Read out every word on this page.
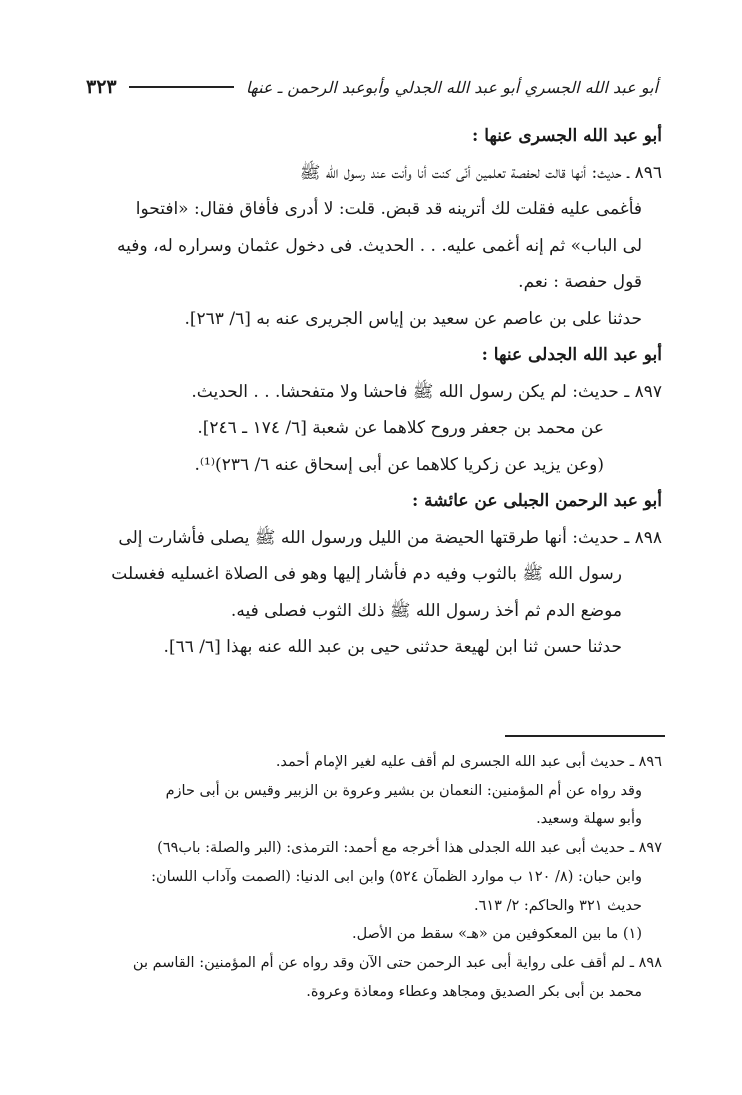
أبو عبد الله الجسري أبو عبد الله الجدلي وأبوعبد الرحمن ـ عنها
٣٢٣

أبو عبد الله الجسرى عنها :

٨٩٦ ـ حديث: أنها قالت لحفصة تعلمين أنّى كنت أنا وأنت عند رسول الله ﷺ

فأغمى عليه فقلت لك أترينه قد قبض. قلت: لا أدرى فأفاق فقال: «افتحوا

لى الباب» ثم إنه أغمى عليه. . . الحديث. فى دخول عثمان وسراره له، وفيه

قول حفصة : نعم.

حدثنا على بن عاصم عن سعيد بن إياس الجريرى عنه به [٦/ ٢٦٣].

أبو عبد الله الجدلى عنها :

٨٩٧ ـ حديث: لم يكن رسول الله ﷺ فاحشا ولا متفحشا. . . الحديث.

عن محمد بن جعفر وروح كلاهما عن شعبة [٦/ ١٧٤ ـ ٢٤٦].

(وعن يزيد عن زكريا كلاهما عن أبى إسحاق عنه ٦/ ٢٣٦)⁽¹⁾.

أبو عبد الرحمن الجبلى عن عائشة :

٨٩٨ ـ حديث: أنها طرقتها الحيضة من الليل ورسول الله ﷺ يصلى فأشارت إلى

رسول الله ﷺ بالثوب وفيه دم فأشار إليها وهو فى الصلاة اغسليه فغسلت

موضع الدم ثم أخذ رسول الله ﷺ ذلك الثوب فصلى فيه.

حدثنا حسن ثنا ابن لهيعة حدثنى حيى بن عبد الله عنه بهذا [٦/ ٦٦].

٨٩٦ ـ حديث أبى عبد الله الجسرى لم أقف عليه لغير الإمام أحمد.

وقد رواه عن أم المؤمنين: النعمان بن بشير وعروة بن الزبير وقيس بن أبى حازم

وأبو سهلة وسعيد.

٨٩٧ ـ حديث أبى عبد الله الجدلى هذا أخرجه مع أحمد: الترمذى: (البر والصلة: باب٦٩)

وابن حبان: (٨/ ١٢٠ ب موارد الظمآن ٥٢٤) وابن ابى الدنيا: (الصمت وآداب اللسان:

حديث ٣٢١ والحاكم: ٢/ ٦١٣.

(١) ما بين المعكوفين من «هـ» سقط من الأصل.

٨٩٨ ـ لم أقف على رواية أبى عبد الرحمن حتى الآن وقد رواه عن أم المؤمنين: القاسم بن

محمد بن أبى بكر الصديق ومجاهد وعطاء ومعاذة وعروة.
